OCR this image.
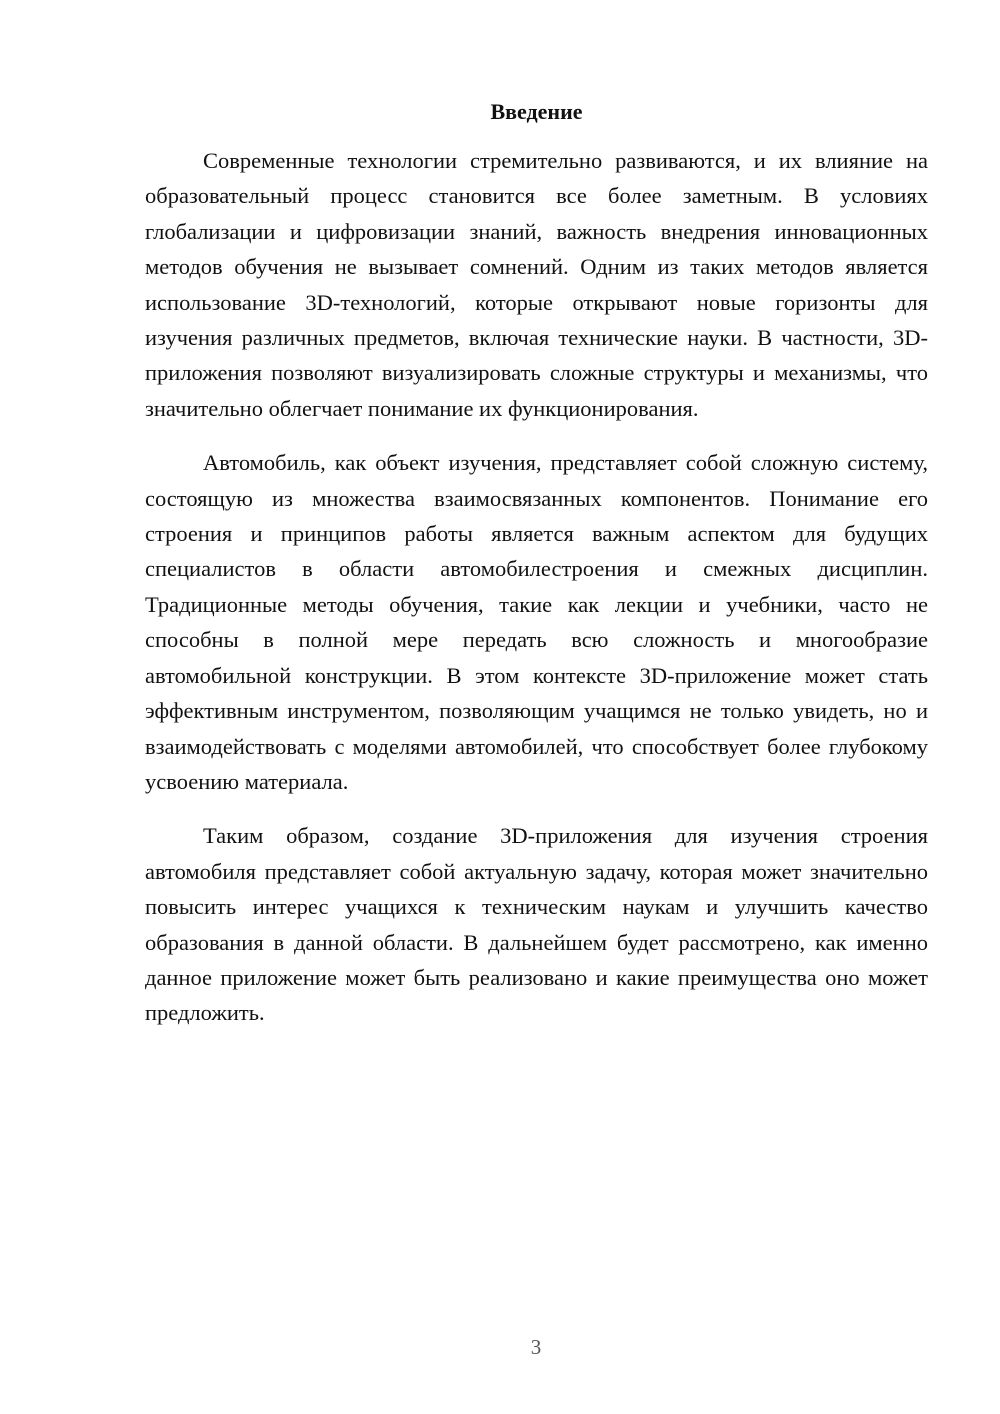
Введение

Современные технологии стремительно развиваются, и их влияние на образовательный процесс становится все более заметным. В условиях глобализации и цифровизации знаний, важность внедрения инновационных методов обучения не вызывает сомнений. Одним из таких методов является использование 3D-технологий, которые открывают новые горизонты для изучения различных предметов, включая технические науки. В частности, 3D-приложения позволяют визуализировать сложные структуры и механизмы, что значительно облегчает понимание их функционирования.

Автомобиль, как объект изучения, представляет собой сложную систему, состоящую из множества взаимосвязанных компонентов. Понимание его строения и принципов работы является важным аспектом для будущих специалистов в области автомобилестроения и смежных дисциплин. Традиционные методы обучения, такие как лекции и учебники, часто не способны в полной мере передать всю сложность и многообразие автомобильной конструкции. В этом контексте 3D-приложение может стать эффективным инструментом, позволяющим учащимся не только увидеть, но и взаимодействовать с моделями автомобилей, что способствует более глубокому усвоению материала.

Таким образом, создание 3D-приложения для изучения строения автомобиля представляет собой актуальную задачу, которая может значительно повысить интерес учащихся к техническим наукам и улучшить качество образования в данной области. В дальнейшем будет рассмотрено, как именно данное приложение может быть реализовано и какие преимущества оно может предложить.

3
